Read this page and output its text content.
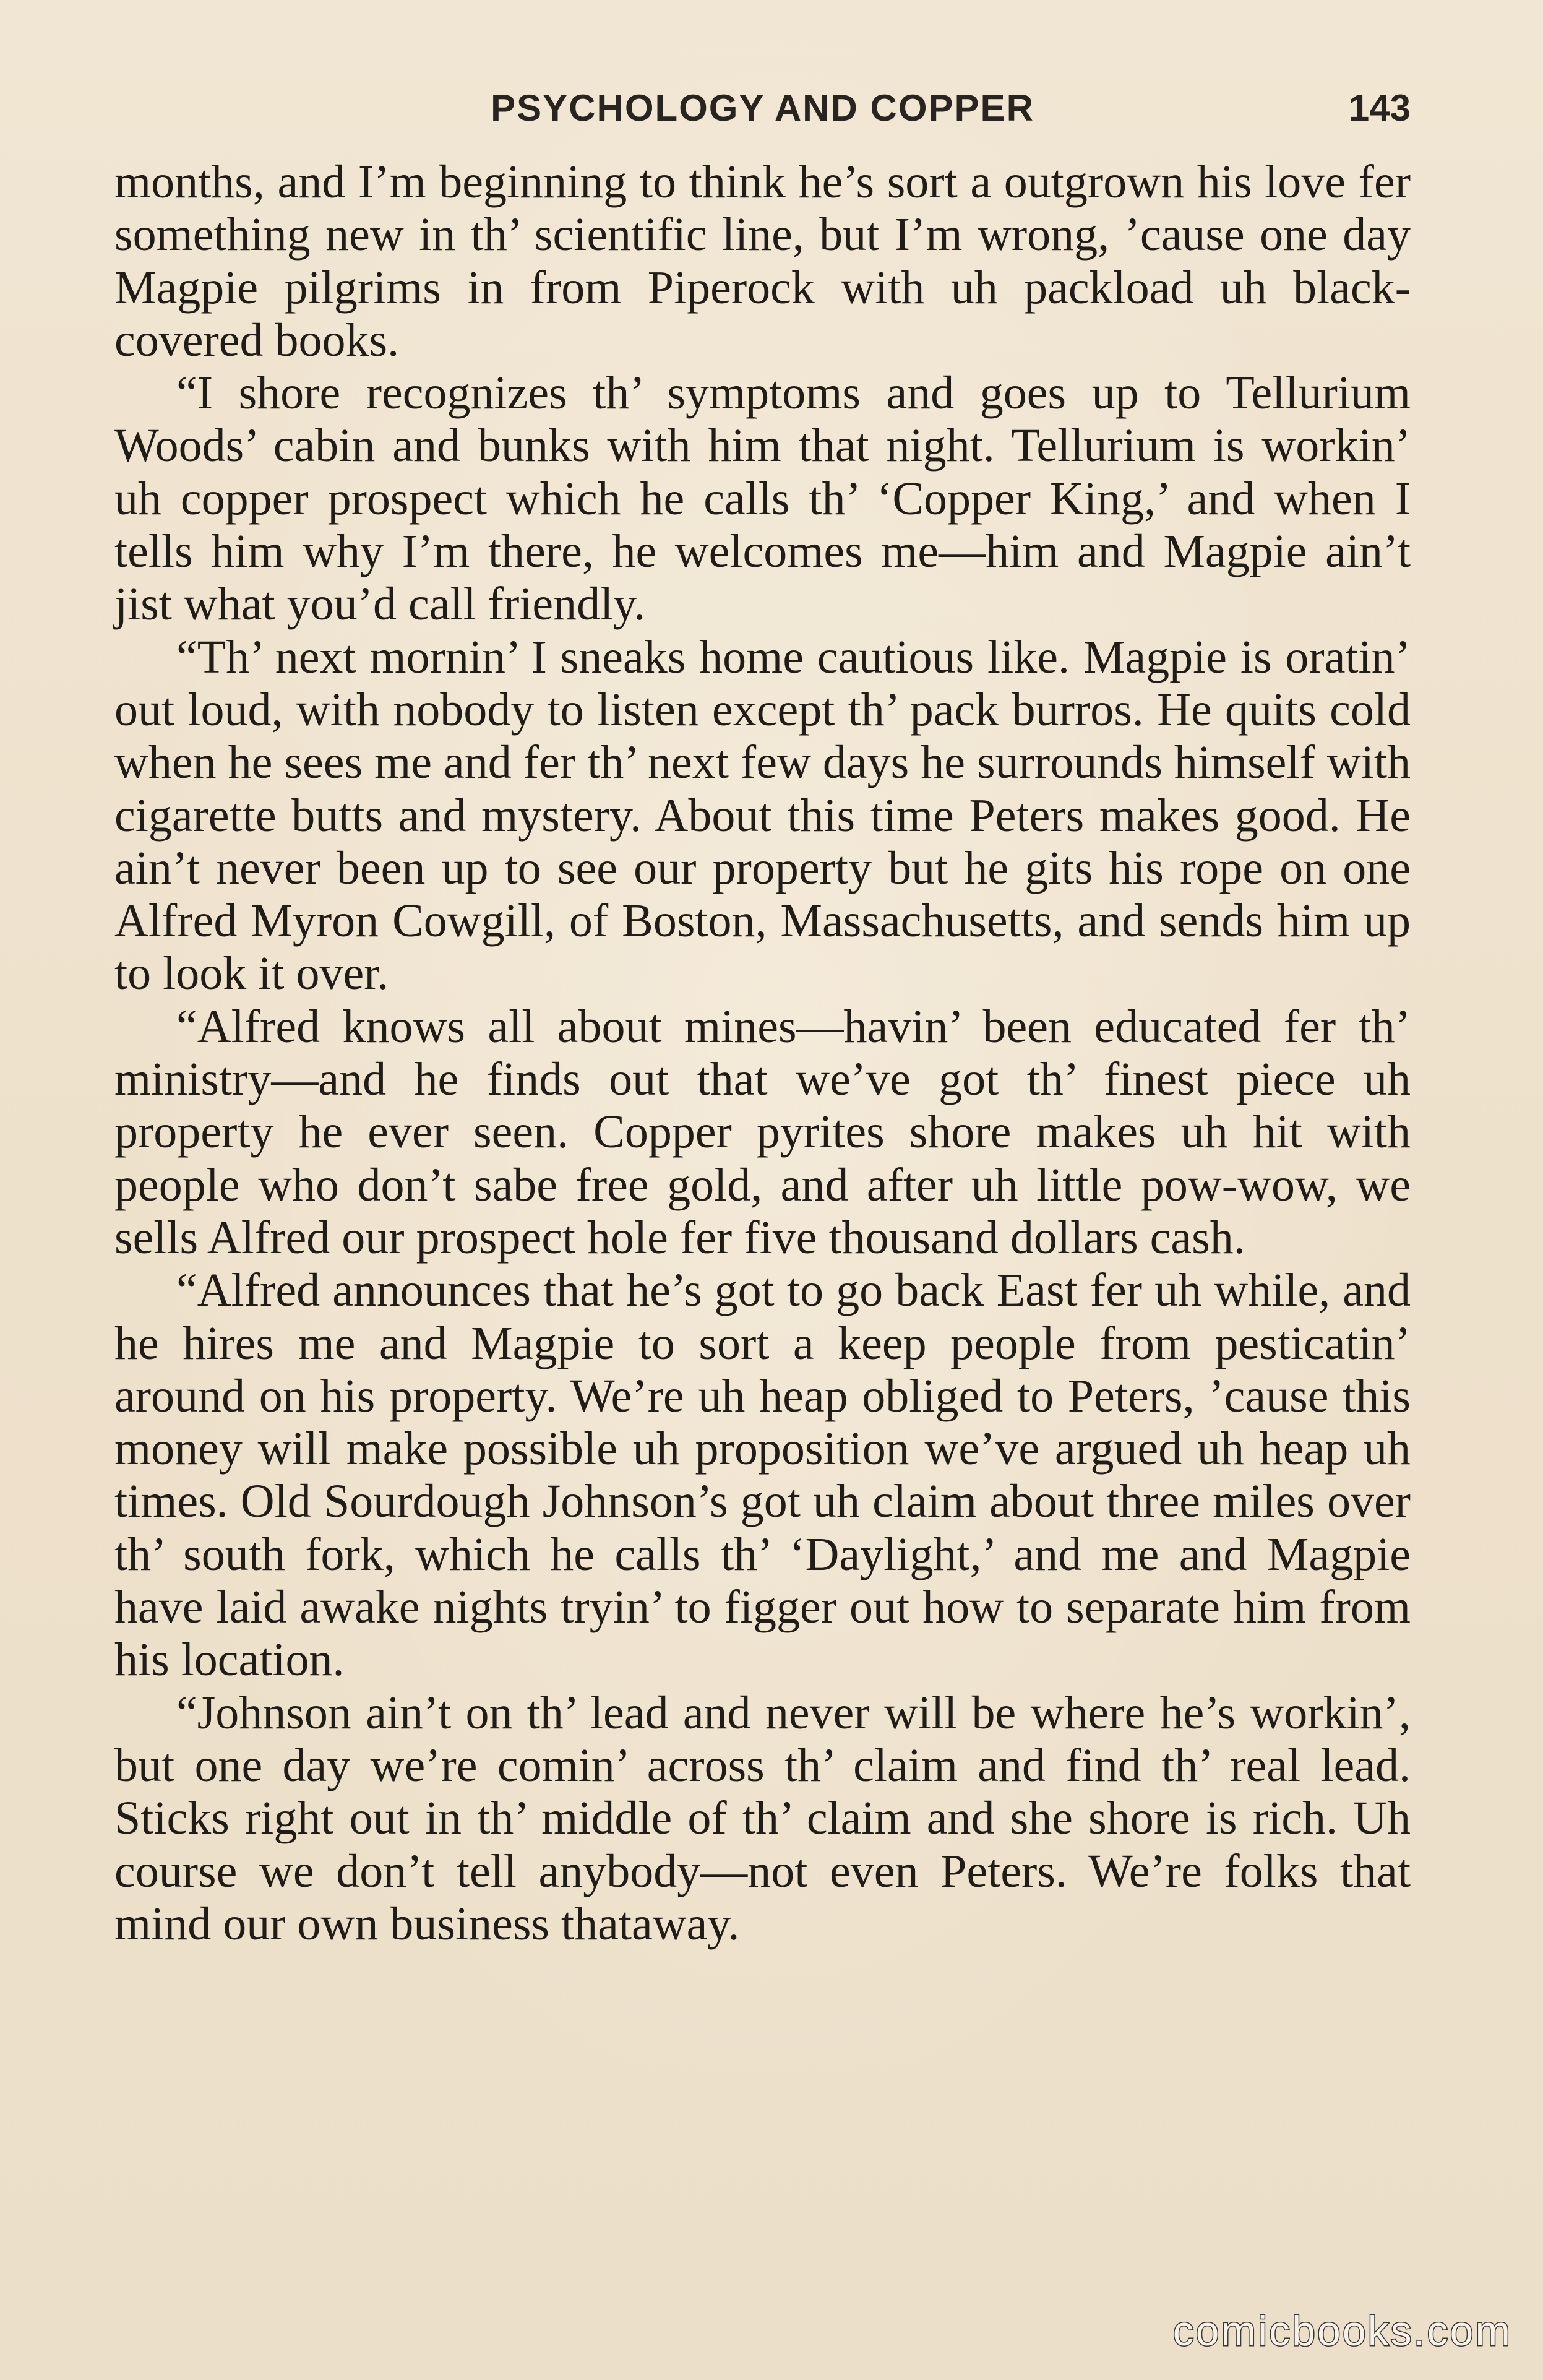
PSYCHOLOGY AND COPPER	143

months, and I’m beginning to think he’s sort a outgrown his love fer something new in th’ scientific line, but I’m wrong, ’cause one day Magpie pilgrims in from Piperock with uh packload uh black-covered books.

“I shore recognizes th’ symptoms and goes up to Tellurium Woods’ cabin and bunks with him that night. Tellurium is workin’ uh copper prospect which he calls th’ ‘Copper King,’ and when I tells him why I’m there, he welcomes me—him and Magpie ain’t jist what you’d call friendly.

“Th’ next mornin’ I sneaks home cautious like. Magpie is oratin’ out loud, with nobody to listen except th’ pack burros. He quits cold when he sees me and fer th’ next few days he surrounds himself with cigarette butts and mystery. About this time Peters makes good. He ain’t never been up to see our property but he gits his rope on one Alfred Myron Cowgill, of Boston, Massachusetts, and sends him up to look it over.

“Alfred knows all about mines—havin’ been educated fer th’ ministry—and he finds out that we’ve got th’ finest piece uh property he ever seen. Copper pyrites shore makes uh hit with people who don’t sabe free gold, and after uh little pow-wow, we sells Alfred our prospect hole fer five thousand dollars cash.

“Alfred announces that he’s got to go back East fer uh while, and he hires me and Magpie to sort a keep people from pesticatin’ around on his property. We’re uh heap obliged to Peters, ’cause this money will make possible uh proposition we’ve argued uh heap uh times. Old Sourdough Johnson’s got uh claim about three miles over th’ south fork, which he calls th’ ‘Daylight,’ and me and Magpie have laid awake nights tryin’ to figger out how to separate him from his location.

“Johnson ain’t on th’ lead and never will be where he’s workin’, but one day we’re comin’ across th’ claim and find th’ real lead. Sticks right out in th’ middle of th’ claim and she shore is rich. Uh course we don’t tell anybody—not even Peters. We’re folks that mind our own business thataway.

comicbooks.com
